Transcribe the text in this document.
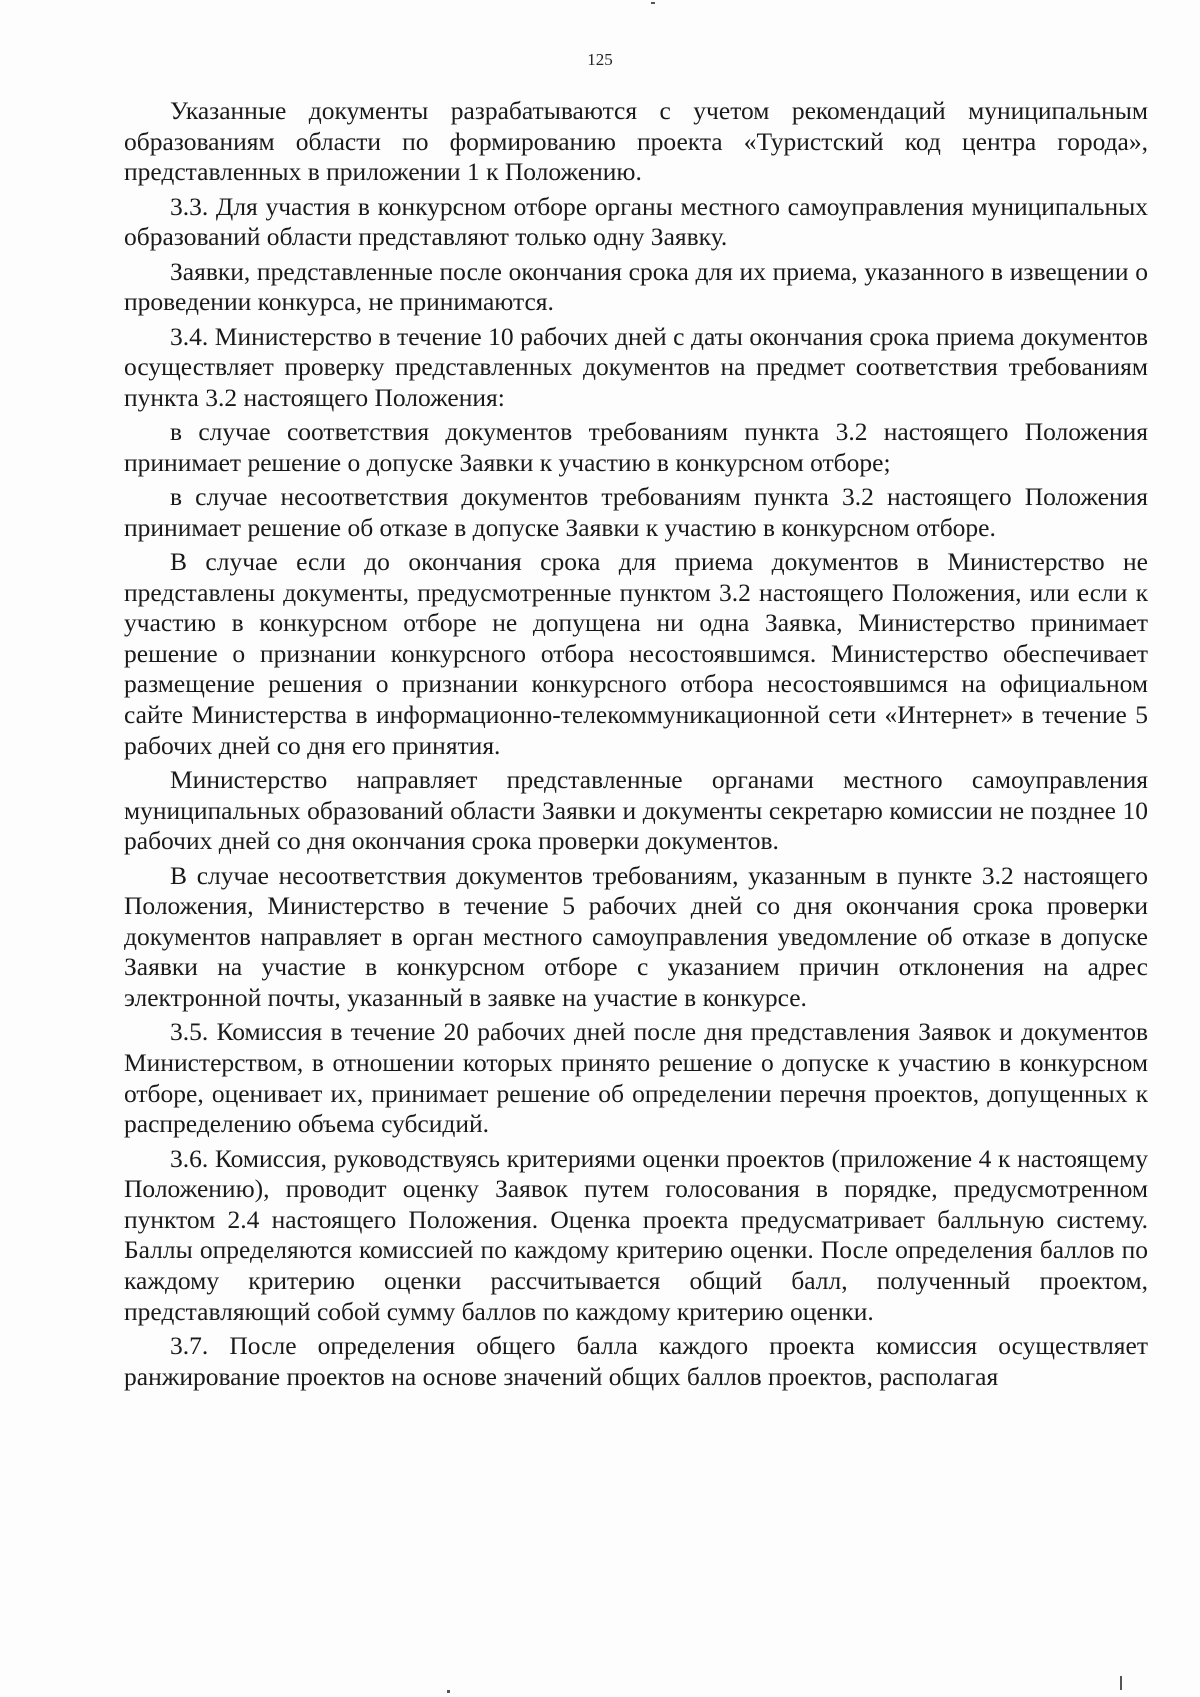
125

Указанные документы разрабатываются с учетом рекомендаций муниципальным образованиям области по формированию проекта «Туристский код центра города», представленных в приложении 1 к Положению.

3.3. Для участия в конкурсном отборе органы местного самоуправления муниципальных образований области представляют только одну Заявку.

Заявки, представленные после окончания срока для их приема, указанного в извещении о проведении конкурса, не принимаются.

3.4. Министерство в течение 10 рабочих дней с даты окончания срока приема документов осуществляет проверку представленных документов на предмет соответствия требованиям пункта 3.2 настоящего Положения:

в случае соответствия документов требованиям пункта 3.2 настоящего Положения принимает решение о допуске Заявки к участию в конкурсном отборе;

в случае несоответствия документов требованиям пункта 3.2 настоящего Положения принимает решение об отказе в допуске Заявки к участию в конкурсном отборе.

В случае если до окончания срока для приема документов в Министерство не представлены документы, предусмотренные пунктом 3.2 настоящего Положения, или если к участию в конкурсном отборе не допущена ни одна Заявка, Министерство принимает решение о признании конкурсного отбора несостоявшимся. Министерство обеспечивает размещение решения о признании конкурсного отбора несостоявшимся на официальном сайте Министерства в информационно-телекоммуникационной сети «Интернет» в течение 5 рабочих дней со дня его принятия.

Министерство направляет представленные органами местного самоуправления муниципальных образований области Заявки и документы секретарю комиссии не позднее 10 рабочих дней со дня окончания срока проверки документов.

В случае несоответствия документов требованиям, указанным в пункте 3.2 настоящего Положения, Министерство в течение 5 рабочих дней со дня окончания срока проверки документов направляет в орган местного самоуправления уведомление об отказе в допуске Заявки на участие в конкурсном отборе с указанием причин отклонения на адрес электронной почты, указанный в заявке на участие в конкурсе.

3.5. Комиссия в течение 20 рабочих дней после дня представления Заявок и документов Министерством, в отношении которых принято решение о допуске к участию в конкурсном отборе, оценивает их, принимает решение об определении перечня проектов, допущенных к распределению объема субсидий.

3.6. Комиссия, руководствуясь критериями оценки проектов (приложение 4 к настоящему Положению), проводит оценку Заявок путем голосования в порядке, предусмотренном пунктом 2.4 настоящего Положения. Оценка проекта предусматривает балльную систему. Баллы определяются комиссией по каждому критерию оценки. После определения баллов по каждому критерию оценки рассчитывается общий балл, полученный проектом, представляющий собой сумму баллов по каждому критерию оценки.

3.7. После определения общего балла каждого проекта комиссия осуществляет ранжирование проектов на основе значений общих баллов проектов, располагая
